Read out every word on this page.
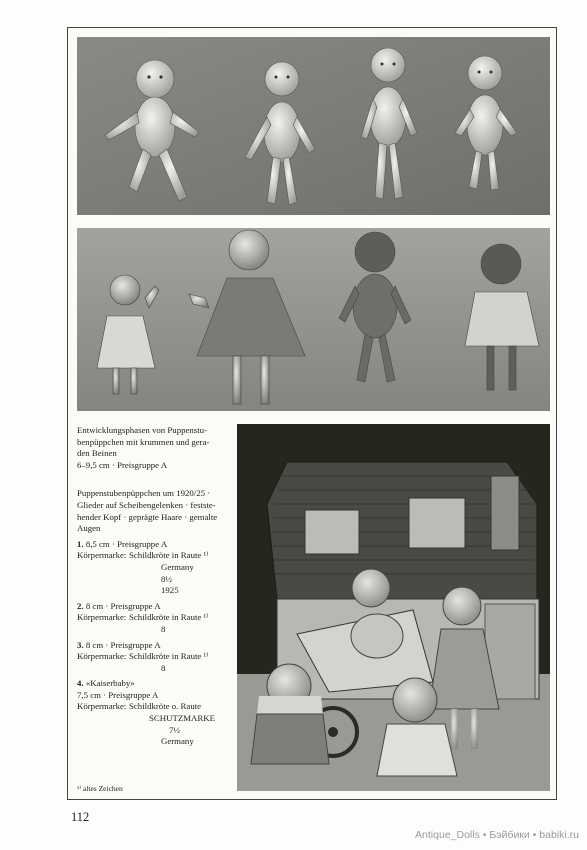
Entwicklungsphasen von Puppenstu-

benpüppchen mit krummen und gera-

den Beinen

6–9,5 cm · Preisgruppe A

Puppenstubenpüppchen um 1920/25 ·

Glieder auf Scheibengelenken · festste-

hender Kopf · geprägte Haare · gemalte

Augen

1. 8,5 cm · Preisgruppe A

Körpermarke: Schildkröte in Raute ¹⁾

Germany

8½

1925

2. 8 cm · Preisgruppe A

Körpermarke: Schildkröte in Raute ¹⁾

8

3. 8 cm · Preisgruppe A

Körpermarke: Schildkröte in Raute ¹⁾

8

4. «Kaiserbaby»

7,5 cm · Preisgruppe A

Körpermarke: Schildkröte o. Raute

SCHUTZMARKE

7½

Germany

¹⁾ altes Zeichen
112
Antique_Dolls • Бэйбики • babiki.ru
